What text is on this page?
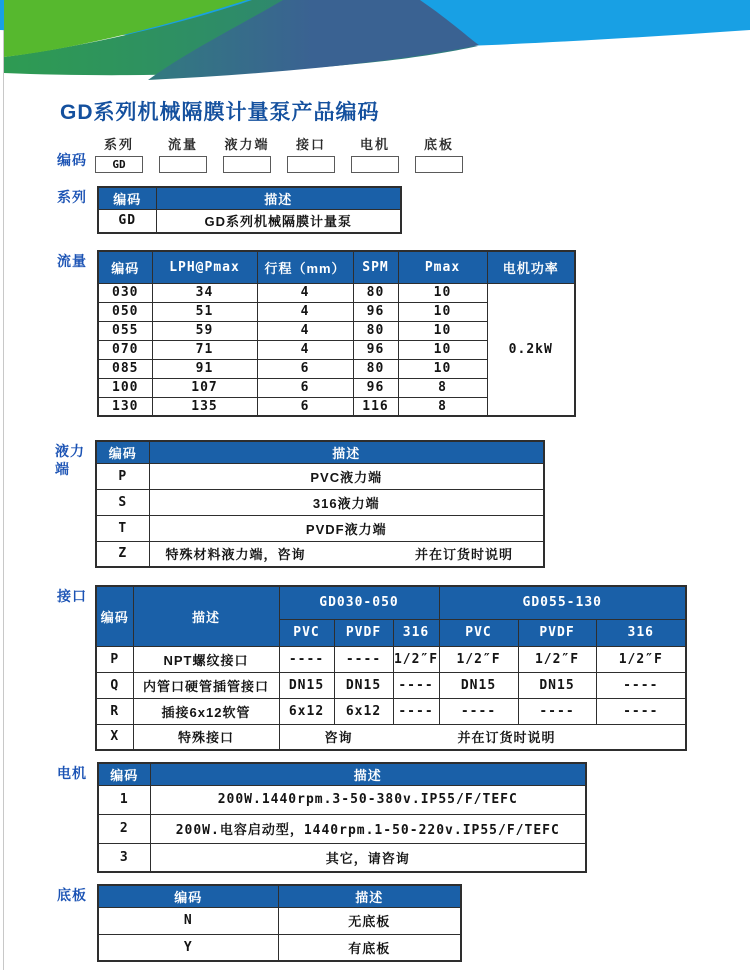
GD系列机械隔膜计量泵产品编码
编码
系列
GD
流量 液力端 接口	电机	底板
系列	编码	描述
GD	GD系列机械隔膜计量泵
流量	编码	LPH@Pmax	行程（mm）	SPM	Pmax	电机功率
030	34	4	80	10	0.2kW
050	51	4	96	10	
055	59	4	80	10	
070	71	4	96	10	
085	91	6	80	10	
100	107	6	96	8	
130	135	6	116	8	
液力端
编码	描述
P	PVC液力端
S	316液力端
T	PVDF液力端
Z	特殊材料液力端，咨询 并在订货时说明
接口
编码	描述	GD030-050			GD055-130		
		PVC	PVDF	316	PVC	PVDF	316
P	NPT螺纹接口	----	----	1/2″F	1/2″F	1/2″F	1/2″F
Q	内管口硬管插管接口	DN15	DN15	----	DN15	DN15	----
R	插接6x12软管	6x12	6x12	----	----	----	----
X	特殊接口	咨询 并在订货时说明					
电机	编码	描述
1	200W.1440rpm.3-50-380v.IP55/F/TEFC
2	200W.电容启动型，1440rpm.1-50-220v.IP55/F/TEFC
3	其它，请咨询
底板	编码	描述
N	无底板
Y	有底板
